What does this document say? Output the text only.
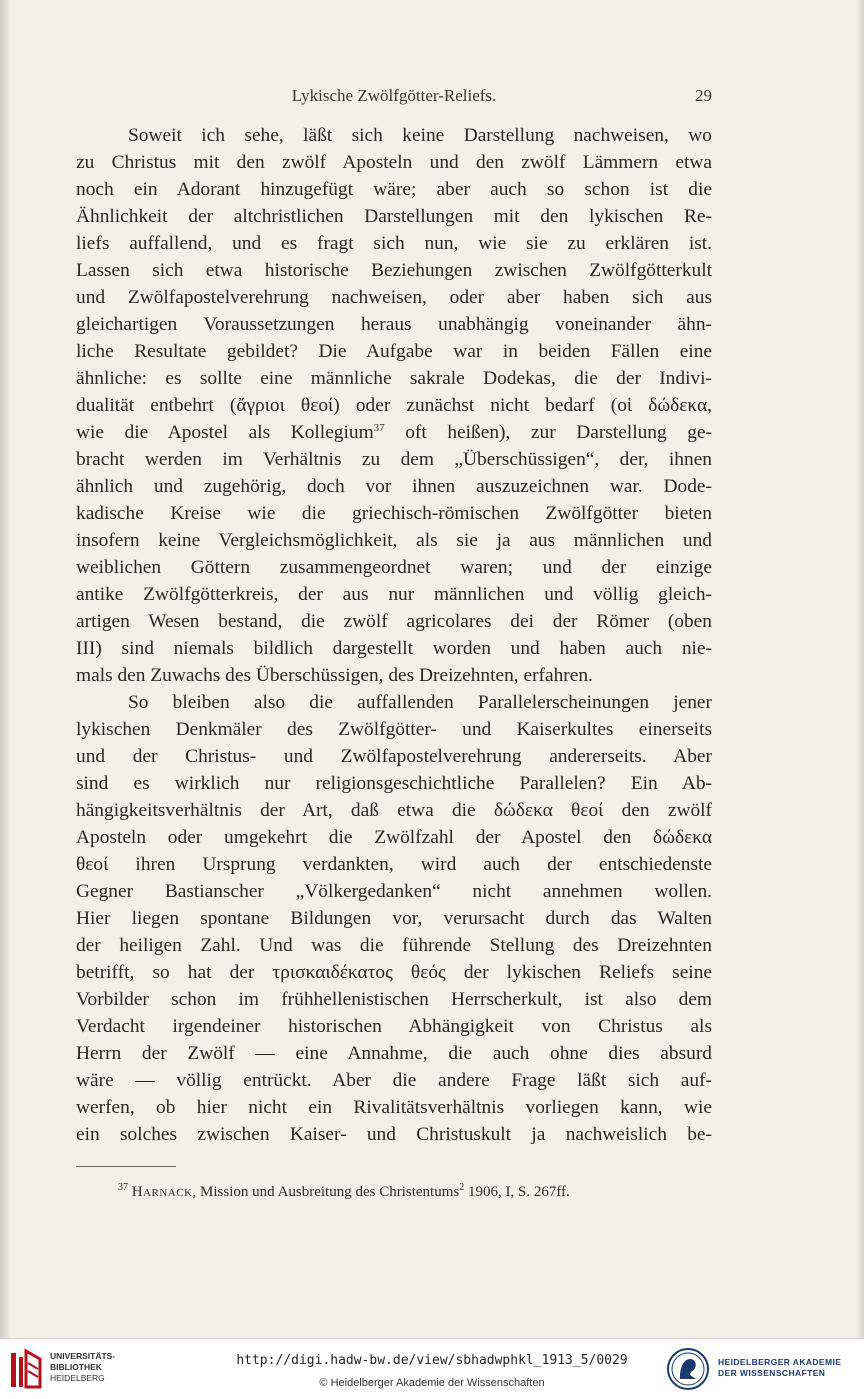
Lykische Zwölfgötter-Reliefs.	29
Soweit ich sehe, läßt sich keine Darstellung nachweisen, wo
zu Christus mit den zwölf Aposteln und den zwölf Lämmern etwa
noch ein Adorant hinzugefügt wäre; aber auch so schon ist die
Ähnlichkeit der altchristlichen Darstellungen mit den lykischen Re-
liefs auffallend, und es fragt sich nun, wie sie zu erklären ist.
Lassen sich etwa historische Beziehungen zwischen Zwölfgötterkult
und Zwölfapostelverehrung nachweisen, oder aber haben sich aus
gleichartigen Voraussetzungen heraus unabhängig voneinander ähn-
liche Resultate gebildet? Die Aufgabe war in beiden Fällen eine
ähnliche: es sollte eine männliche sakrale Dodekas, die der Indivi-
dualität entbehrt (ἄγριοι θεοί) oder zunächst nicht bedarf (οἱ δώδεκα,
wie die Apostel als Kollegium$^{37}$ oft heißen), zur Darstellung ge-
bracht werden im Verhältnis zu dem „Überschüssigen“, der, ihnen
ähnlich und zugehörig, doch vor ihnen auszuzeichnen war. Dode-
kadische Kreise wie die griechisch-römischen Zwölfgötter bieten
insofern keine Vergleichsmöglichkeit, als sie ja aus männlichen und
weiblichen Göttern zusammengeordnet waren; und der einzige
antike Zwölfgötterkreis, der aus nur männlichen und völlig gleich-
artigen Wesen bestand, die zwölf agricolares dei der Römer (oben
III) sind niemals bildlich dargestellt worden und haben auch nie-
mals den Zuwachs des Überschüssigen, des Dreizehnten, erfahren.
So bleiben also die auffallenden Parallelerscheinungen jener
lykischen Denkmäler des Zwölfgötter- und Kaiserkultes einerseits
und der Christus- und Zwölfapostelverehrung andererseits. Aber
sind es wirklich nur religionsgeschichtliche Parallelen? Ein Ab-
hängigkeitsverhältnis der Art, daß etwa die δώδεκα θεοί den zwölf
Aposteln oder umgekehrt die Zwölfzahl der Apostel den δώδεκα
θεοί ihren Ursprung verdankten, wird auch der entschiedenste
Gegner Bastianscher „Völkergedanken“ nicht annehmen wollen.
Hier liegen spontane Bildungen vor, verursacht durch das Walten
der heiligen Zahl. Und was die führende Stellung des Dreizehnten
betrifft, so hat der τρισκαιδέκατος θεός der lykischen Reliefs seine
Vorbilder schon im frühhellenistischen Herrscherkult, ist also dem
Verdacht irgendeiner historischen Abhängigkeit von Christus als
Herrn der Zwölf — eine Annahme, die auch ohne dies absurd
wäre — völlig entrückt. Aber die andere Frage läßt sich auf-
werfen, ob hier nicht ein Rivalitätsverhältnis vorliegen kann, wie
ein solches zwischen Kaiser- und Christuskult ja nachweislich be-
$^{37}$ Harnack, Mission und Ausbreitung des Christentums$^2$ 1906, I, S. 267ff.
UNIVERSITÄTS-
BIBLIOTHEK
HEIDELBERG
http://digi.hadw-bw.de/view/sbhadwphkl_1913_5/0029
© Heidelberger Akademie der Wissenschaften
HEIDELBERGER AKADEMIE
DER WISSENSCHAFTEN
